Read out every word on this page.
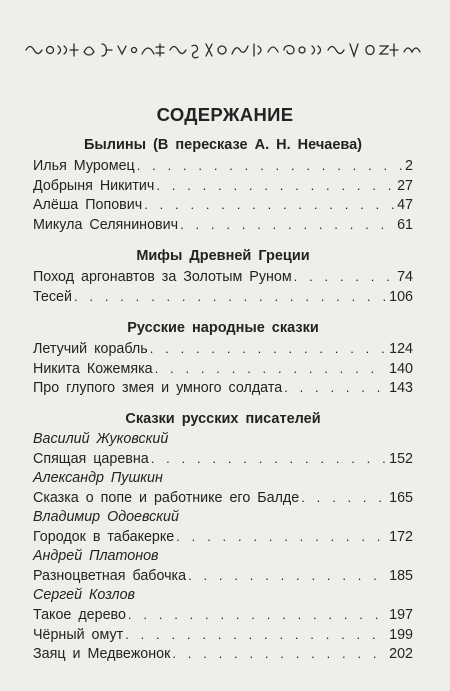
СОДЕРЖАНИЕ
Былины (В пересказе А. Н. Нечаева)
Илья Муромец . . .	2
Добрыня Никитич . . .	27
Алёша Попович . . .	47
Микула Селянинович . . .	61
Мифы Древней Греции
Поход аргонавтов за Золотым Руном . . .	74
Тесей . . .	106
Русские народные сказки
Летучий корабль . . .	124
Никита Кожемяка . . .	140
Про глупого змея и умного солдата . . .	143
Сказки русских писателей
Василий Жуковский
Спящая царевна . . .	152
Александр Пушкин
Сказка о попе и работнике его Балде . . .	165
Владимир Одоевский
Городок в табакерке . . .	172
Андрей Платонов
Разноцветная бабочка . . .	185
Сергей Козлов
Такое дерево . . .	197
Чёрный омут . . .	199
Заяц и Медвежонок . . .	202
